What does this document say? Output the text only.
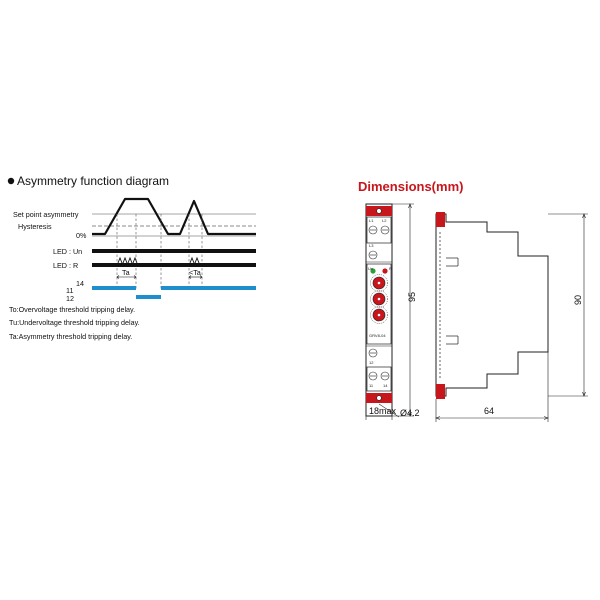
Asymmetry function diagram
Set point asymmetry
Hysteresis
0%
LED : Un
LED : R
Ta	<Ta
14
11
12
To:Overvoltage threshold tripping delay.
Tu:Undervoltage threshold tripping delay.
Ta:Asymmetry threshold tripping delay.
Dimensions(mm)
L1 L2
L3
Un	R
GRV8-04
12
11 14
95
18max Ø4.2
90
64
